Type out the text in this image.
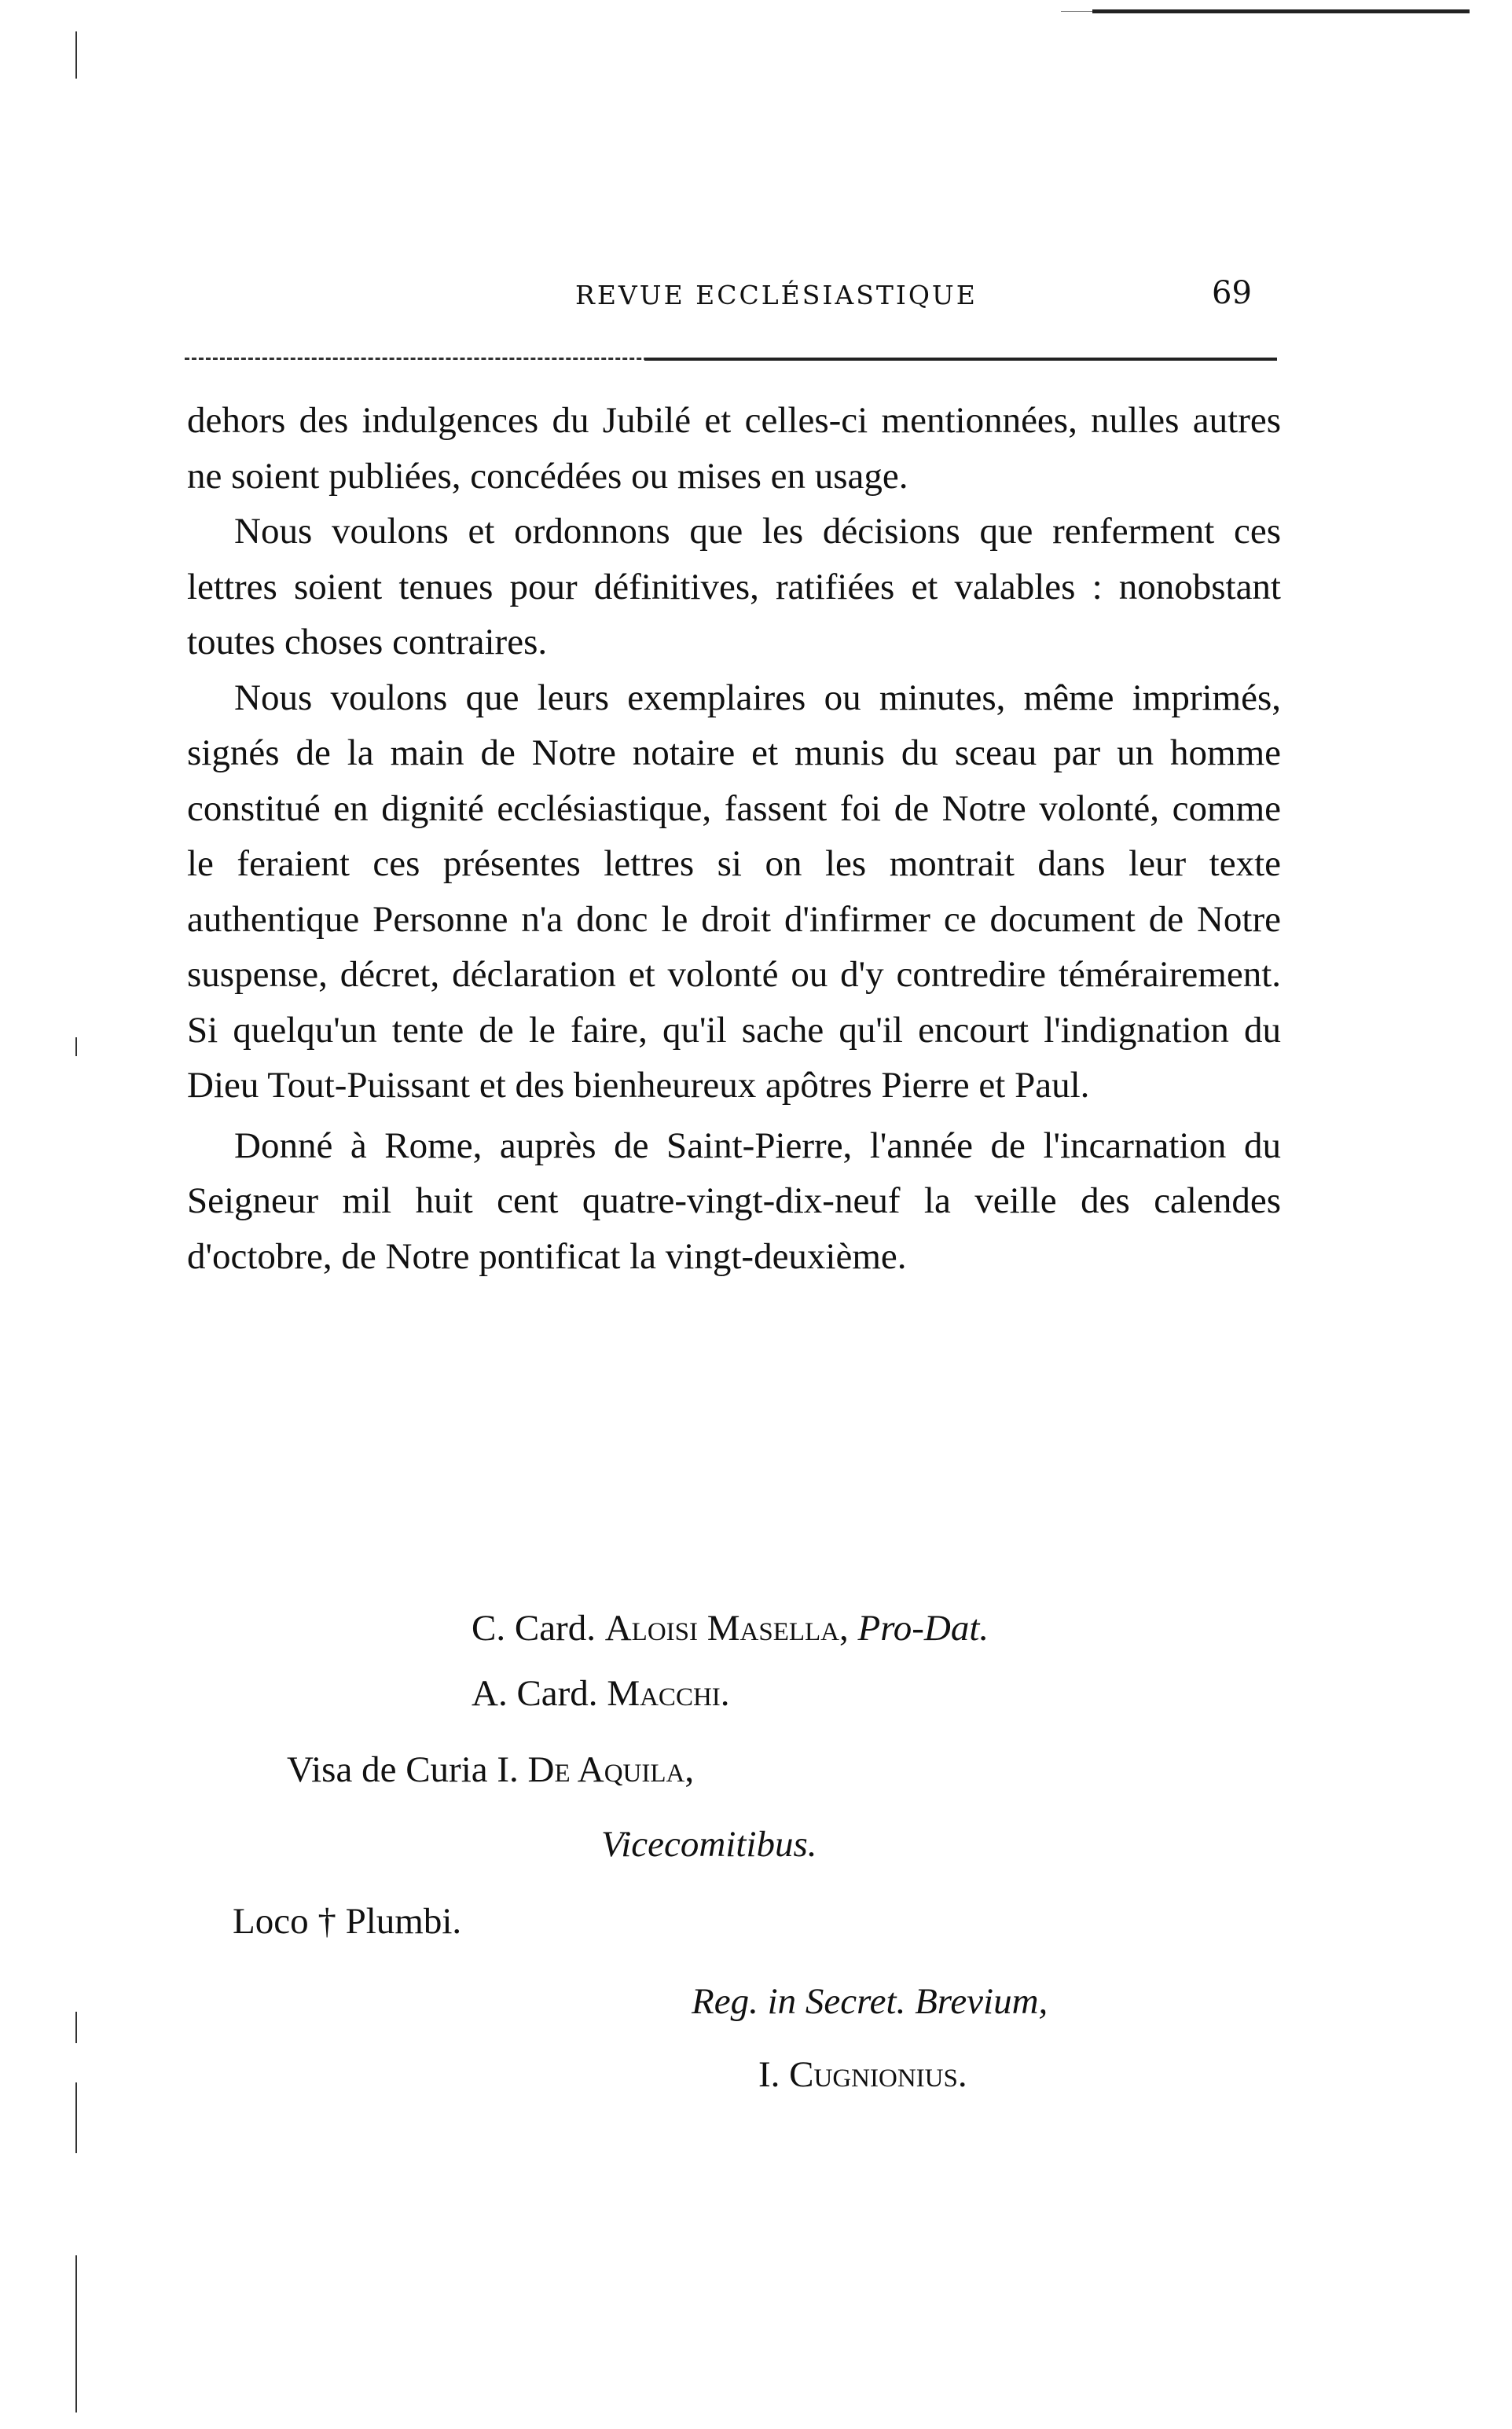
REVUE ECCLÉSIASTIQUE	69

dehors des indulgences du Jubilé et celles-ci mentionnées, nulles autres ne soient publiées, concédées ou mises en usage.

Nous voulons et ordonnons que les décisions que renferment ces lettres soient tenues pour définitives, ratifiées et valables : nonobstant toutes choses contraires.

Nous voulons que leurs exemplaires ou minutes, même imprimés, signés de la main de Notre notaire et munis du sceau par un homme constitué en dignité ecclésiastique, fassent foi de Notre volonté, comme le feraient ces présentes lettres si on les montrait dans leur texte authentique Personne n'a donc le droit d'infirmer ce document de Notre suspense, décret, déclaration et volonté ou d'y contredire témérairement. Si quelqu'un tente de le faire, qu'il sache qu'il encourt l'indignation du Dieu Tout-Puissant et des bienheureux apôtres Pierre et Paul.

Donné à Rome, auprès de Saint-Pierre, l'année de l'incarnation du Seigneur mil huit cent quatre-vingt-dix-neuf la veille des calendes d'octobre, de Notre pontificat la vingt-deuxième.

C. Card. Aloisi Masella, Pro-Dat.
A. Card. Macchi.
Visa de Curia I. De Aquila,
Vicecomitibus.
Loco † Plumbi.
Reg. in Secret. Brevium,
I. Cugnionius.
